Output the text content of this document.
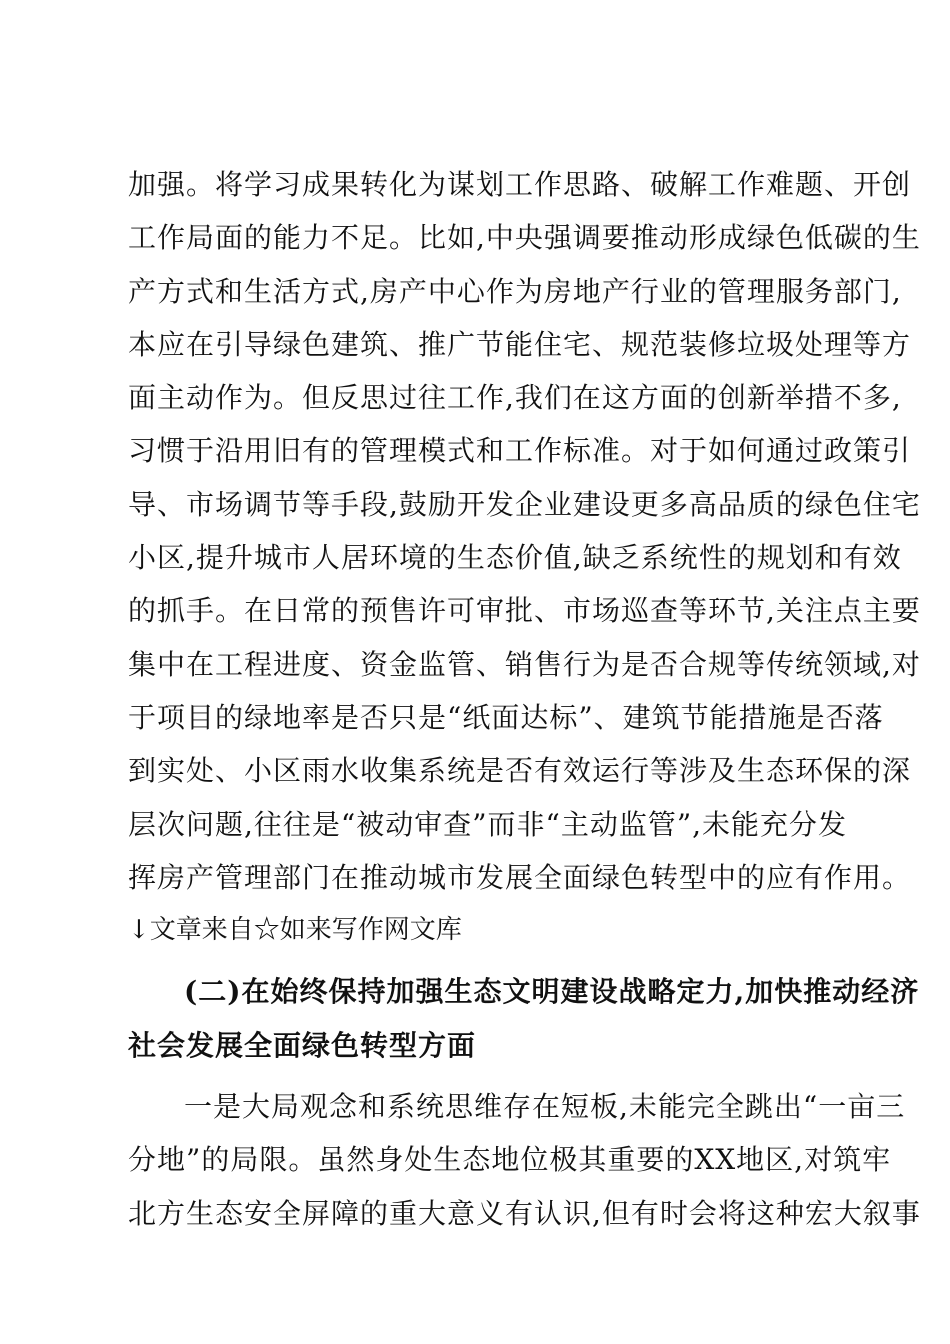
加强。将学习成果转化为谋划工作思路、破解工作难题、开创
工作局面的能力不足。比如,中央强调要推动形成绿色低碳的生
产方式和生活方式,房产中心作为房地产行业的管理服务部门,
本应在引导绿色建筑、推广节能住宅、规范装修垃圾处理等方
面主动作为。但反思过往工作,我们在这方面的创新举措不多,
习惯于沿用旧有的管理模式和工作标准。对于如何通过政策引
导、市场调节等手段,鼓励开发企业建设更多高品质的绿色住宅
小区,提升城市人居环境的生态价值,缺乏系统性的规划和有效
的抓手。在日常的预售许可审批、市场巡查等环节,关注点主要
集中在工程进度、资金监管、销售行为是否合规等传统领域,对
于项目的绿地率是否只是“纸面达标”、建筑节能措施是否落
到实处、小区雨水收集系统是否有效运行等涉及生态环保的深
层次问题,往往是“被动审查”而非“主动监管”,未能充分发
挥房产管理部门在推动城市发展全面绿色转型中的应有作用。
↓文章来自☆如来写作网文库
(二)在始终保持加强生态文明建设战略定力,加快推动经济
社会发展全面绿色转型方面
一是大局观念和系统思维存在短板,未能完全跳出“一亩三
分地”的局限。虽然身处生态地位极其重要的XX地区,对筑牢
北方生态安全屏障的重大意义有认识,但有时会将这种宏大叙事
